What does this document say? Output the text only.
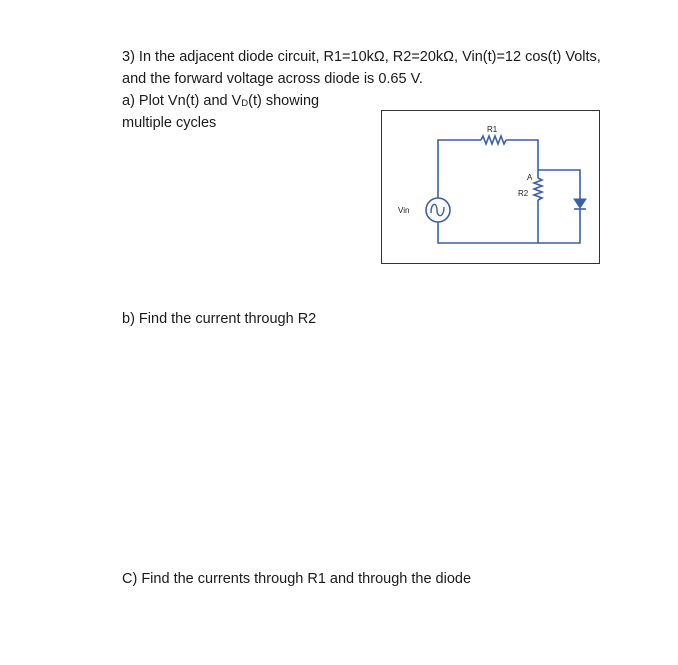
3) In the adjacent diode circuit, R1=10kΩ, R2=20kΩ, Vin(t)=12 cos(t) Volts,
and the forward voltage across diode is 0.65 V.
a) Plot Vn(t) and VD(t) showing
multiple cycles
b) Find the current through R2
C) Find the currents through R1 and through the diode
R1
A
R2
Vin
